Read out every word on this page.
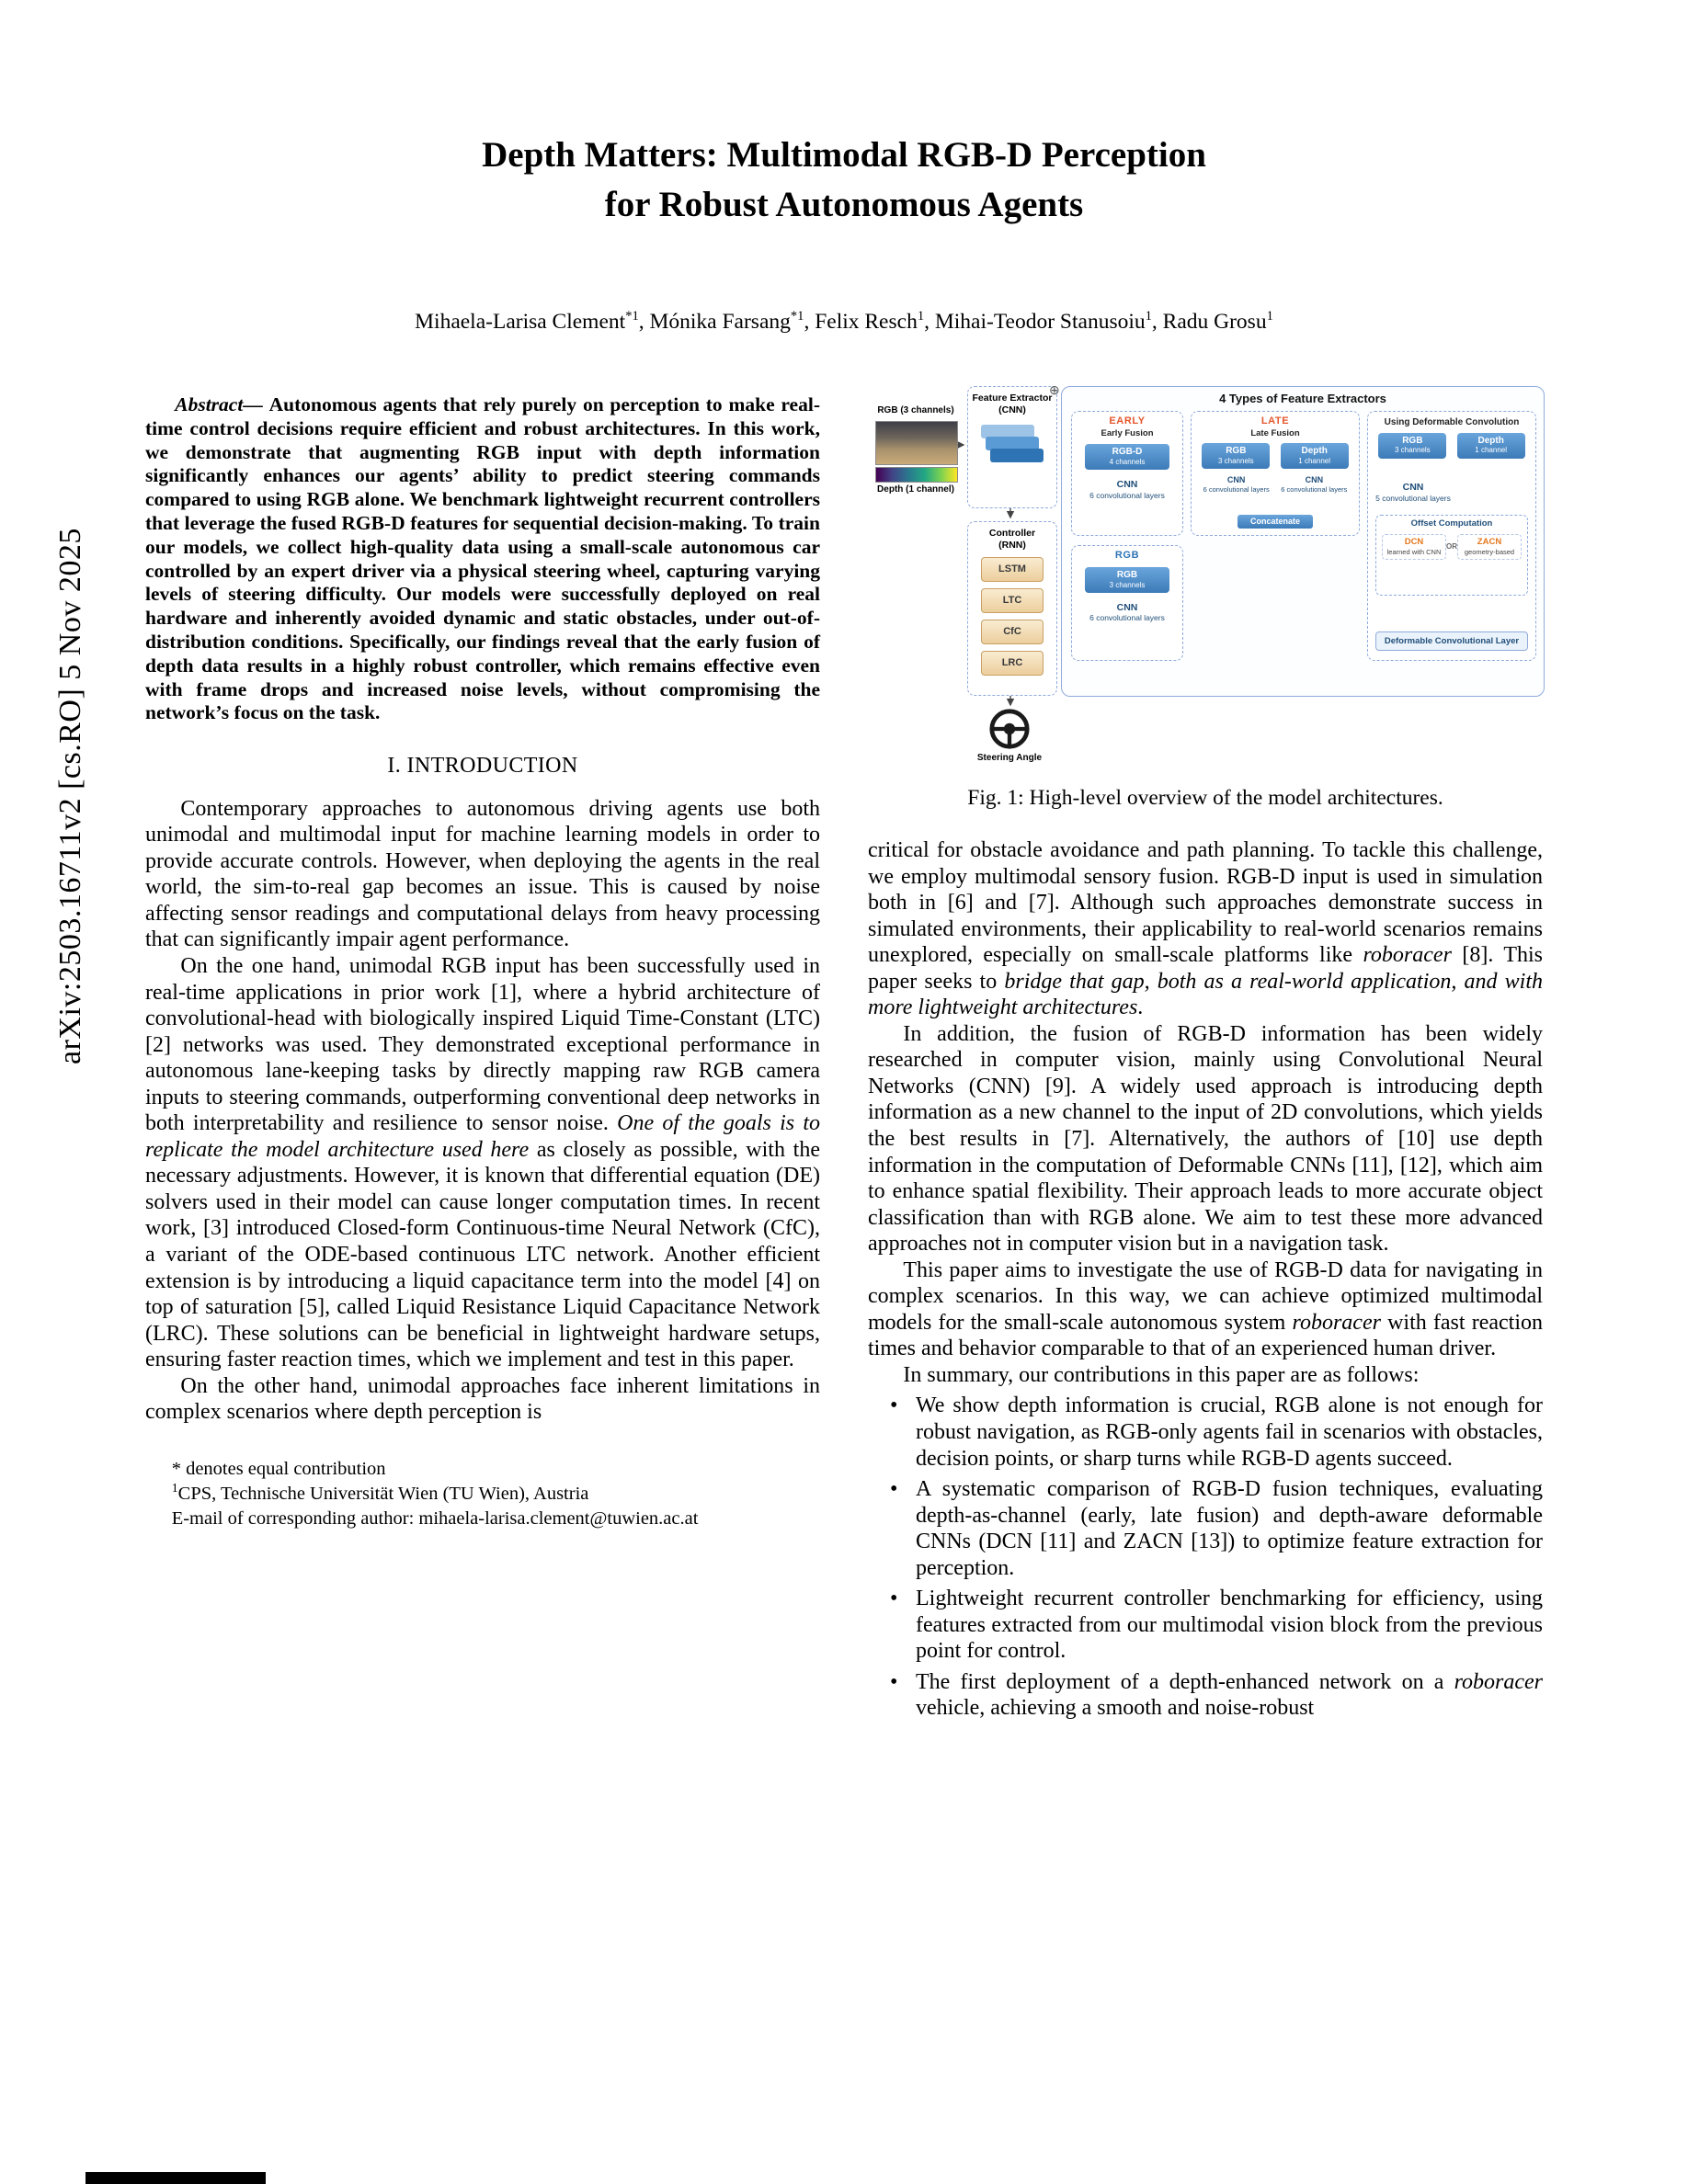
arXiv:2503.16711v2 [cs.RO] 5 Nov 2025
Depth Matters: Multimodal RGB-D Perception
for Robust Autonomous Agents
Mihaela-Larisa Clement$^{*1}$, Mónika Farsang$^{*1}$, Felix Resch$^1$, Mihai-Teodor Stanusoiu$^1$, Radu Grosu$^1$

Abstract— Autonomous agents that rely purely on perception to make real-time control decisions require efficient and robust architectures. In this work, we demonstrate that augmenting RGB input with depth information significantly enhances our agents’ ability to predict steering commands compared to using RGB alone. We benchmark lightweight recurrent controllers that leverage the fused RGB-D features for sequential decision-making. To train our models, we collect high-quality data using a small-scale autonomous car controlled by an expert driver via a physical steering wheel, capturing varying levels of steering difficulty. Our models were successfully deployed on real hardware and inherently avoided dynamic and static obstacles, under out-of-distribution conditions. Specifically, our findings reveal that the early fusion of depth data results in a highly robust controller, which remains effective even with frame drops and increased noise levels, without compromising the network’s focus on the task.

I. INTRODUCTION

Contemporary approaches to autonomous driving agents use both unimodal and multimodal input for machine learning models in order to provide accurate controls. However, when deploying the agents in the real world, the sim-to-real gap becomes an issue. This is caused by noise affecting sensor readings and computational delays from heavy processing that can significantly impair agent performance.

On the one hand, unimodal RGB input has been successfully used in real-time applications in prior work [1], where a hybrid architecture of convolutional-head with biologically inspired Liquid Time-Constant (LTC) [2] networks was used. They demonstrated exceptional performance in autonomous lane-keeping tasks by directly mapping raw RGB camera inputs to steering commands, outperforming conventional deep networks in both interpretability and resilience to sensor noise. One of the goals is to replicate the model architecture used here as closely as possible, with the necessary adjustments. However, it is known that differential equation (DE) solvers used in their model can cause longer computation times. In recent work, [3] introduced Closed-form Continuous-time Neural Network (CfC), a variant of the ODE-based continuous LTC network. Another efficient extension is by introducing a liquid capacitance term into the model [4] on top of saturation [5], called Liquid Resistance Liquid Capacitance Network (LRC). These solutions can be beneficial in lightweight hardware setups, ensuring faster reaction times, which we implement and test in this paper.

On the other hand, unimodal approaches face inherent limitations in complex scenarios where depth perception is

* denotes equal contribution
$^1$CPS, Technische Universität Wien (TU Wien), Austria
E-mail of corresponding author: mihaela-larisa.clement@tuwien.ac.at
RGB (3 channels)
Depth (1 channel)
Feature Extractor
(CNN)
⊕
Controller
(RNN)
LSTM
LTC
CfC
LRC
Steering Angle
4 Types of Feature Extractors
EARLY
Early Fusion
RGB-D
4 channels
CNN
6 convolutional layers
LATE
Late Fusion
RGB
3 channels
Depth
1 channel
CNN
6 convolutional layers
CNN
6 convolutional layers
Concatenate
RGB
RGB
3 channels
CNN
6 convolutional layers
Using Deformable Convolution
RGB
3 channels
Depth
1 channel
CNN
5 convolutional layers
Offset Computation
DCN
learned with CNN
OR	ZACN
geometry-based
Deformable Convolutional Layer
Fig. 1: High-level overview of the model architectures.

critical for obstacle avoidance and path planning. To tackle this challenge, we employ multimodal sensory fusion. RGB-D input is used in simulation both in [6] and [7]. Although such approaches demonstrate success in simulated environments, their applicability to real-world scenarios remains unexplored, especially on small-scale platforms like roboracer [8]. This paper seeks to bridge that gap, both as a real-world application, and with more lightweight architectures.

In addition, the fusion of RGB-D information has been widely researched in computer vision, mainly using Convolutional Neural Networks (CNN) [9]. A widely used approach is introducing depth information as a new channel to the input of 2D convolutions, which yields the best results in [7]. Alternatively, the authors of [10] use depth information in the computation of Deformable CNNs [11], [12], which aim to enhance spatial flexibility. Their approach leads to more accurate object classification than with RGB alone. We aim to test these more advanced approaches not in computer vision but in a navigation task.

This paper aims to investigate the use of RGB-D data for navigating in complex scenarios. In this way, we can achieve optimized multimodal models for the small-scale autonomous system roboracer with fast reaction times and behavior comparable to that of an experienced human driver.

In summary, our contributions in this paper are as follows:

• We show depth information is crucial, RGB alone is not enough for robust navigation, as RGB-only agents fail in scenarios with obstacles, decision points, or sharp turns while RGB-D agents succeed.
• A systematic comparison of RGB-D fusion techniques, evaluating depth-as-channel (early, late fusion) and depth-aware deformable CNNs (DCN [11] and ZACN [13]) to optimize feature extraction for perception.
• Lightweight recurrent controller benchmarking for efficiency, using features extracted from our multimodal vision block from the previous point for control.
• The first deployment of a depth-enhanced network on a roboracer vehicle, achieving a smooth and noise-robust
